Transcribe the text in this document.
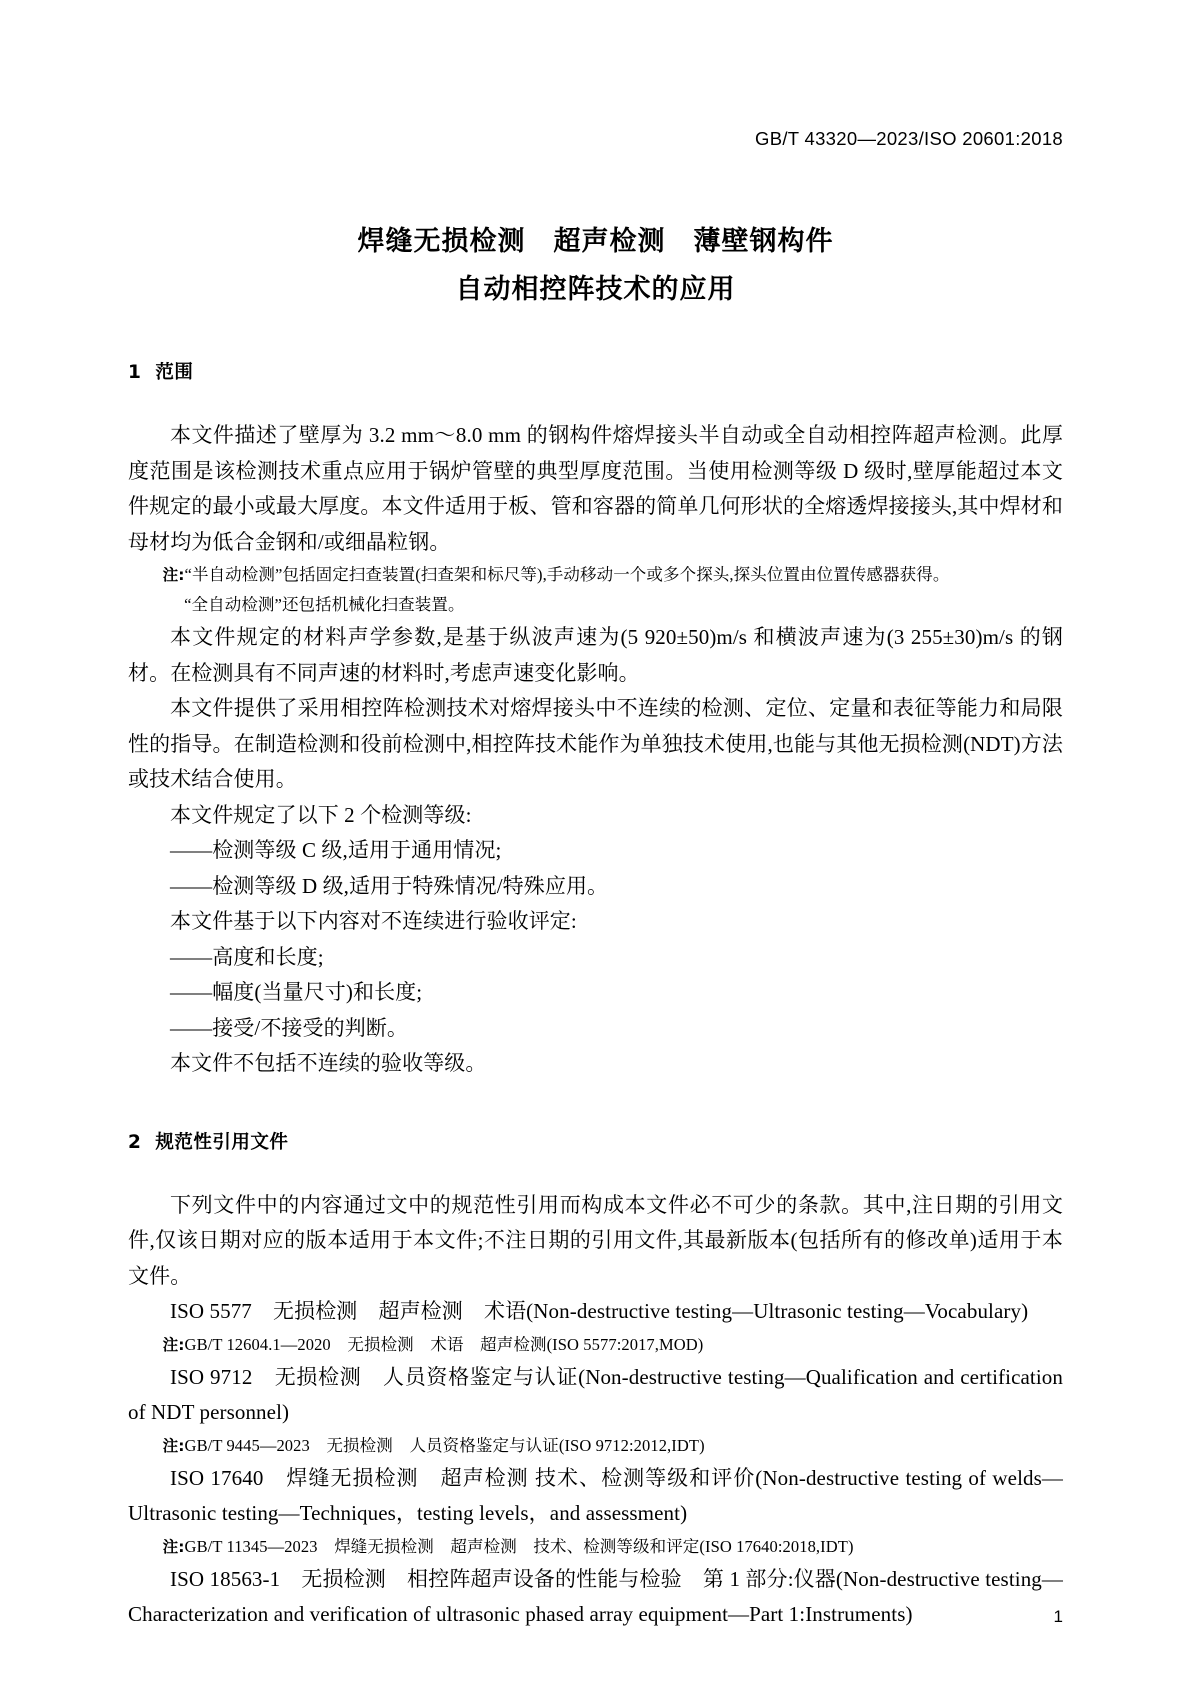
GB/T 43320—2023/ISO 20601:2018
焊缝无损检测　超声检测　薄壁钢构件
自动相控阵技术的应用
1 范围

本文件描述了壁厚为 3.2 mm～8.0 mm 的钢构件熔焊接头半自动或全自动相控阵超声检测。此厚度范围是该检测技术重点应用于锅炉管壁的典型厚度范围。当使用检测等级 D 级时,壁厚能超过本文件规定的最小或最大厚度。本文件适用于板、管和容器的简单几何形状的全熔透焊接接头,其中焊材和母材均为低合金钢和/或细晶粒钢。

注:“半自动检测”包括固定扫查装置(扫查架和标尺等),手动移动一个或多个探头,探头位置由位置传感器获得。

“全自动检测”还包括机械化扫查装置。

本文件规定的材料声学参数,是基于纵波声速为(5 920±50)m/s 和横波声速为(3 255±30)m/s 的钢材。在检测具有不同声速的材料时,考虑声速变化影响。

本文件提供了采用相控阵检测技术对熔焊接头中不连续的检测、定位、定量和表征等能力和局限性的指导。在制造检测和役前检测中,相控阵技术能作为单独技术使用,也能与其他无损检测(NDT)方法或技术结合使用。

本文件规定了以下 2 个检测等级:

——检测等级 C 级,适用于通用情况;

——检测等级 D 级,适用于特殊情况/特殊应用。

本文件基于以下内容对不连续进行验收评定:

——高度和长度;

——幅度(当量尺寸)和长度;

——接受/不接受的判断。

本文件不包括不连续的验收等级。

2 规范性引用文件

下列文件中的内容通过文中的规范性引用而构成本文件必不可少的条款。其中,注日期的引用文件,仅该日期对应的版本适用于本文件;不注日期的引用文件,其最新版本(包括所有的修改单)适用于本文件。

ISO 5577　无损检测　超声检测　术语(Non-destructive testing—Ultrasonic testing—Vocabulary)

注:GB/T 12604.1—2020　无损检测　术语　超声检测(ISO 5577:2017,MOD)

ISO 9712　无损检测　人员资格鉴定与认证(Non-destructive testing—Qualification and certification of NDT personnel)

注:GB/T 9445—2023　无损检测　人员资格鉴定与认证(ISO 9712:2012,IDT)

ISO 17640　焊缝无损检测　超声检测 技术、检测等级和评价(Non-destructive testing of welds—Ultrasonic testing—Techniques，testing levels，and assessment)

注:GB/T 11345—2023　焊缝无损检测　超声检测　技术、检测等级和评定(ISO 17640:2018,IDT)

ISO 18563-1　无损检测　相控阵超声设备的性能与检验　第 1 部分:仪器(Non-destructive testing—Characterization and verification of ultrasonic phased array equipment—Part 1:Instruments)	1
